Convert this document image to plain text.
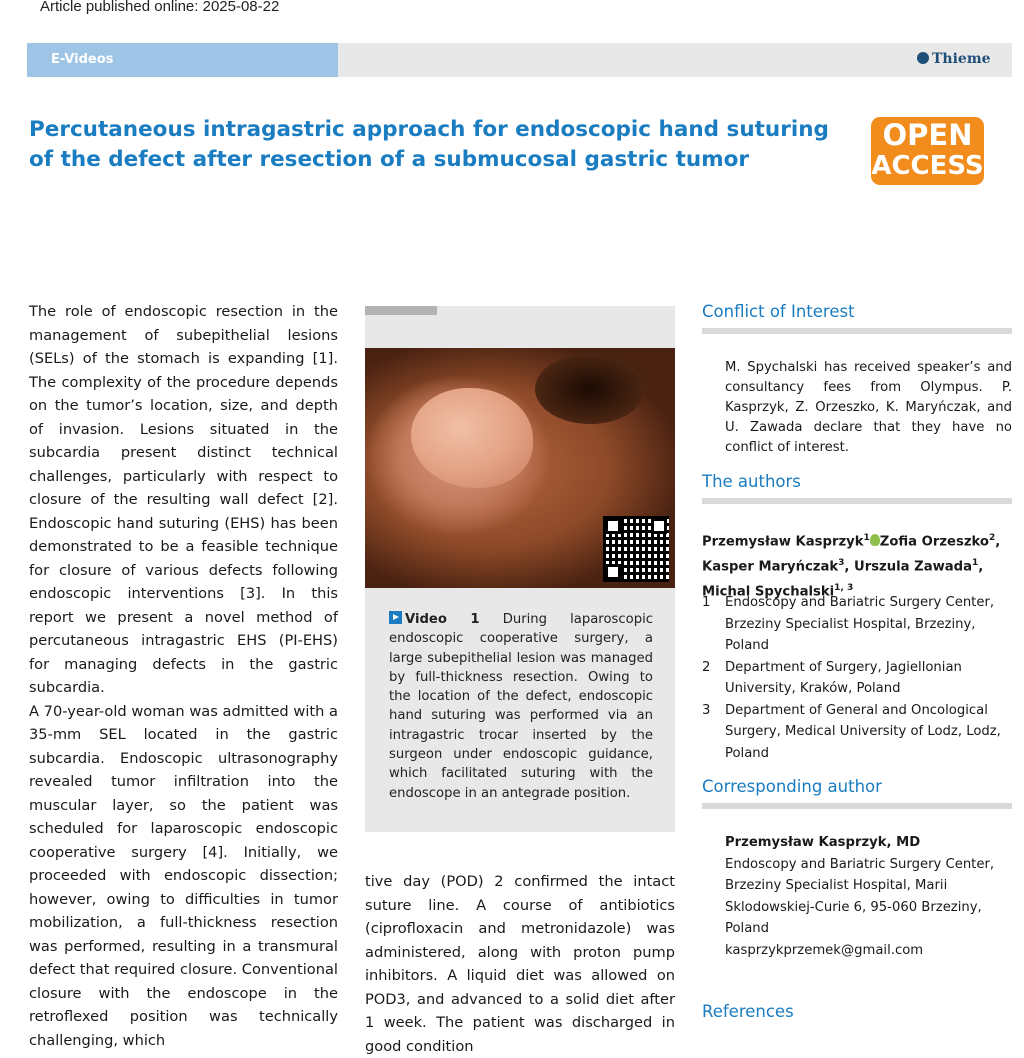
Article published online: 2025-08-22
E-Videos	Thieme
Percutaneous intragastric approach for endoscopic hand suturing of the defect after resection of a submucosal gastric tumor
OPEN
ACCESS

The role of endoscopic resection in the management of subepithelial lesions (SELs) of the stomach is expanding [1]. The complexity of the procedure depends on the tumor’s location, size, and depth of invasion. Lesions situated in the subcardia present distinct technical challenges, particularly with respect to closure of the resulting wall defect [2]. Endoscopic hand suturing (EHS) has been demonstrated to be a feasible technique for closure of various defects following endoscopic interventions [3]. In this report we present a novel method of percutaneous intragastric EHS (PI-EHS) for managing defects in the gastric subcardia.

A 70-year-old woman was admitted with a 35-mm SEL located in the gastric subcardia. Endoscopic ultrasonography revealed tumor infiltration into the muscular layer, so the patient was scheduled for laparoscopic endoscopic cooperative surgery [4]. Initially, we proceeded with endoscopic dissection; however, owing to difficulties in tumor mobilization, a full-thickness resection was performed, resulting in a transmural defect that required closure. Conventional closure with the endoscope in the retroflexed position was technically challenging, which

Video 1 During laparoscopic endoscopic cooperative surgery, a large subepithelial lesion was managed by full-thickness resection. Owing to the location of the defect, endoscopic hand suturing was performed via an intragastric trocar inserted by the surgeon under endoscopic guidance, which facilitated suturing with the endoscope in an antegrade position.
tive day (POD) 2 confirmed the intact suture line. A course of antibiotics (ciprofloxacin and metronidazole) was administered, along with proton pump inhibitors. A liquid diet was allowed on POD3, and advanced to a solid diet after 1 week. The patient was discharged in good condition
Conflict of Interest
M. Spychalski has received speaker’s and consultancy fees from Olympus. P. Kasprzyk, Z. Orzeszko, K. Maryńczak, and U. Zawada declare that they have no conflict of interest.
The authors
Przemysław Kasprzyk$^1$ Zofia Orzeszko$^2$, Kasper Maryńczak$^3$, Urszula Zawada$^1$, Michal Spychalski$^{1, 3}$
1 Endoscopy and Bariatric Surgery Center, Brzeziny Specialist Hospital, Brzeziny, Poland
2 Department of Surgery, Jagiellonian University, Kraków, Poland
3 Department of General and Oncological Surgery, Medical University of Lodz, Lodz, Poland
Corresponding author
Przemysław Kasprzyk, MD
Endoscopy and Bariatric Surgery Center, Brzeziny Specialist Hospital, Marii Sklodowskiej-Curie 6, 95-060 Brzeziny, Poland
kasprzykprzemek@gmail.com
References
